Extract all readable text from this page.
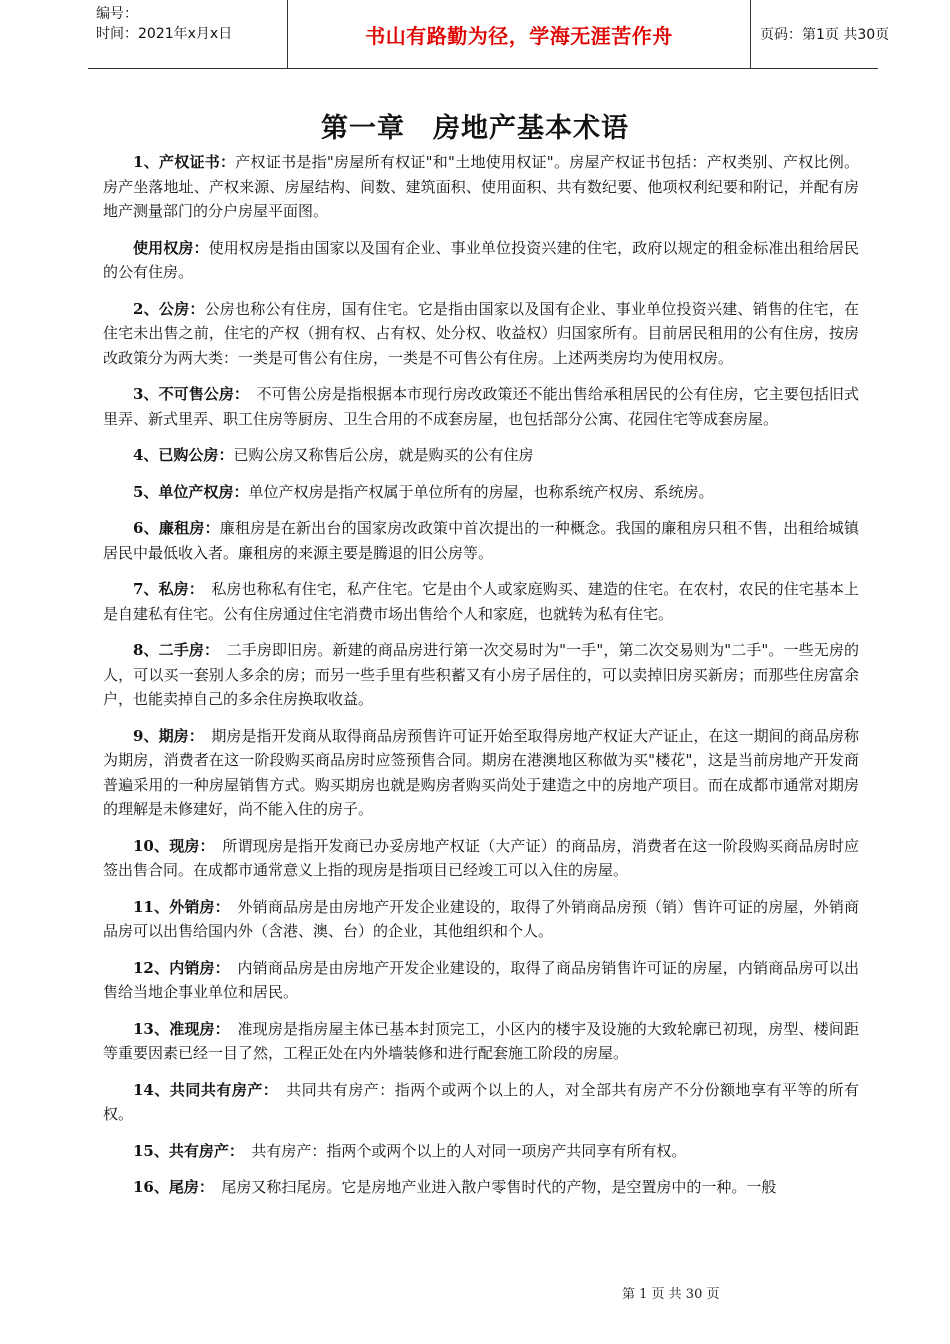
编号：
时间：2021年x月x日	书山有路勤为径，学海无涯苦作舟	页码：第1页 共30页
第一章　房地产基本术语

1、产权证书：产权证书是指"房屋所有权证"和"土地使用权证"。房屋产权证书包括：产权类别、产权比例。房产坐落地址、产权来源、房屋结构、间数、建筑面积、使用面积、共有数纪要、他项权利纪要和附记，并配有房地产测量部门的分户房屋平面图。

使用权房：使用权房是指由国家以及国有企业、事业单位投资兴建的住宅，政府以规定的租金标准出租给居民的公有住房。

2、公房：公房也称公有住房，国有住宅。它是指由国家以及国有企业、事业单位投资兴建、销售的住宅，在住宅未出售之前，住宅的产权（拥有权、占有权、处分权、收益权）归国家所有。目前居民租用的公有住房，按房改政策分为两大类：一类是可售公有住房，一类是不可售公有住房。上述两类房均为使用权房。

3、不可售公房：　不可售公房是指根据本市现行房改政策还不能出售给承租居民的公有住房，它主要包括旧式里弄、新式里弄、职工住房等厨房、卫生合用的不成套房屋，也包括部分公寓、花园住宅等成套房屋。

4、已购公房：已购公房又称售后公房，就是购买的公有住房

5、单位产权房：单位产权房是指产权属于单位所有的房屋，也称系统产权房、系统房。

6、廉租房：廉租房是在新出台的国家房改政策中首次提出的一种概念。我国的廉租房只租不售，出租给城镇居民中最低收入者。廉租房的来源主要是腾退的旧公房等。

7、私房：　私房也称私有住宅，私产住宅。它是由个人或家庭购买、建造的住宅。在农村，农民的住宅基本上是自建私有住宅。公有住房通过住宅消费市场出售给个人和家庭，也就转为私有住宅。

8、二手房：　二手房即旧房。新建的商品房进行第一次交易时为"一手"，第二次交易则为"二手"。一些无房的人，可以买一套别人多余的房；而另一些手里有些积蓄又有小房子居住的，可以卖掉旧房买新房；而那些住房富余户，也能卖掉自己的多余住房换取收益。

9、期房：　期房是指开发商从取得商品房预售许可证开始至取得房地产权证大产证止，在这一期间的商品房称为期房，消费者在这一阶段购买商品房时应签预售合同。期房在港澳地区称做为买"楼花"，这是当前房地产开发商普遍采用的一种房屋销售方式。购买期房也就是购房者购买尚处于建造之中的房地产项目。而在成都市通常对期房的理解是未修建好，尚不能入住的房子。

10、现房：　所谓现房是指开发商已办妥房地产权证（大产证）的商品房，消费者在这一阶段购买商品房时应签出售合同。在成都市通常意义上指的现房是指项目已经竣工可以入住的房屋。

11、外销房：　外销商品房是由房地产开发企业建设的，取得了外销商品房预（销）售许可证的房屋，外销商品房可以出售给国内外（含港、澳、台）的企业，其他组织和个人。

12、内销房：　内销商品房是由房地产开发企业建设的，取得了商品房销售许可证的房屋，内销商品房可以出售给当地企事业单位和居民。

13、准现房：　准现房是指房屋主体已基本封顶完工，小区内的楼宇及设施的大致轮廓已初现，房型、楼间距等重要因素已经一目了然，工程正处在内外墙装修和进行配套施工阶段的房屋。

14、共同共有房产：　共同共有房产：指两个或两个以上的人，对全部共有房产不分份额地享有平等的所有权。

15、共有房产：　共有房产：指两个或两个以上的人对同一项房产共同享有所有权。

16、尾房：　尾房又称扫尾房。它是房地产业进入散户零售时代的产物，是空置房中的一种。一般

第 1 页 共 30 页
